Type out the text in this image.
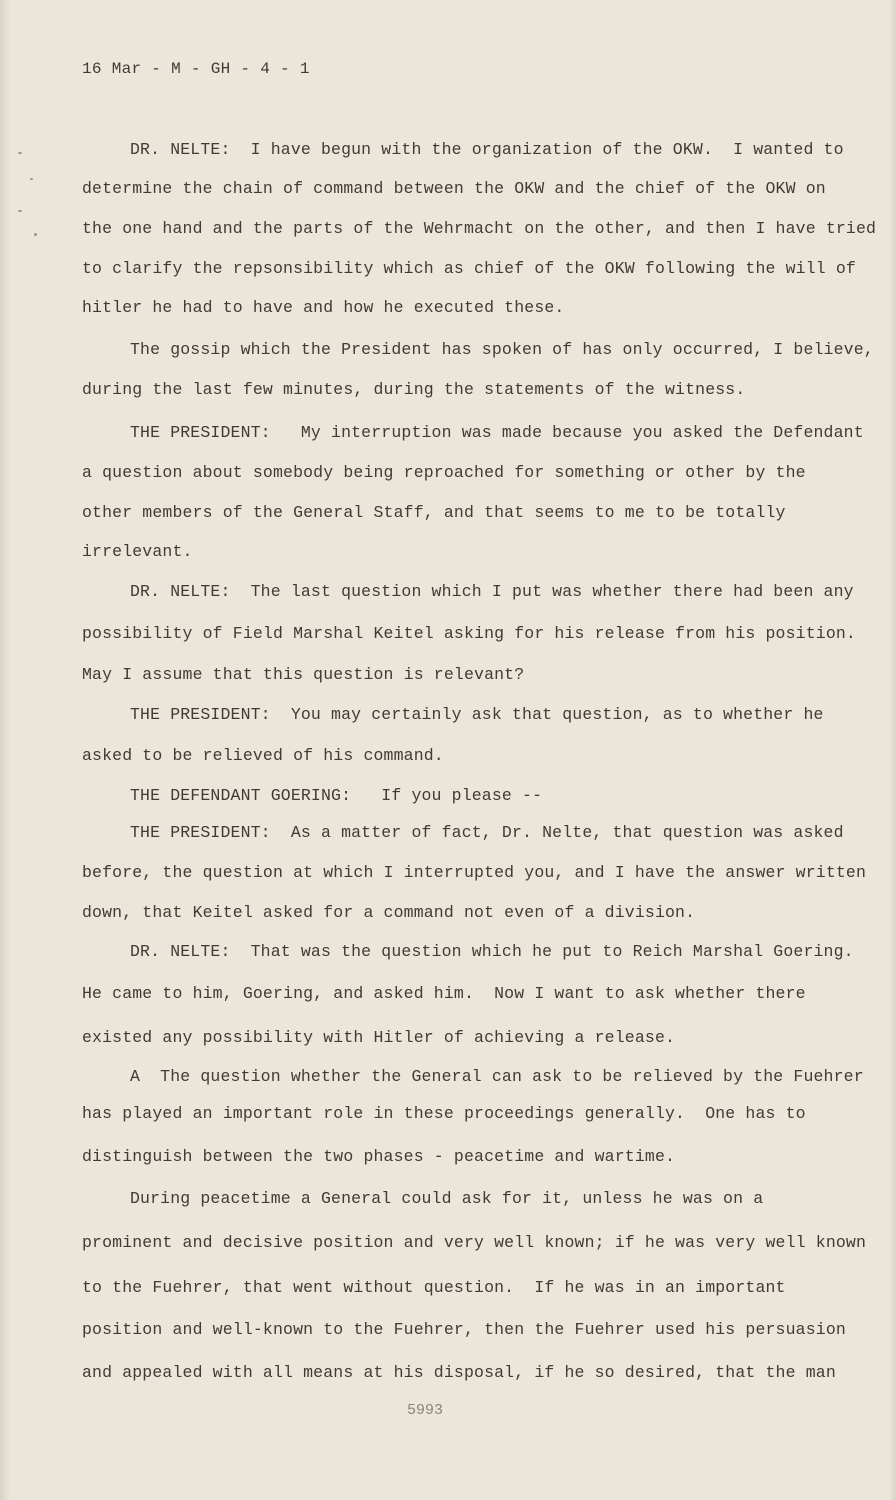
16 Mar - M - GH - 4 - 1
DR. NELTE:  I have begun with the organization of the OKW.  I wanted to
determine the chain of command between the OKW and the chief of the OKW on
the one hand and the parts of the Wehrmacht on the other, and then I have tried
to clarify the repsonsibility which as chief of the OKW following the will of
hitler he had to have and how he executed these.
The gossip which the President has spoken of has only occurred, I believe,
during the last few minutes, during the statements of the witness.
THE PRESIDENT:   My interruption was made because you asked the Defendant
a question about somebody being reproached for something or other by the
other members of the General Staff, and that seems to me to be totally
irrelevant.
DR. NELTE:  The last question which I put was whether there had been any
possibility of Field Marshal Keitel asking for his release from his position.
May I assume that this question is relevant?
THE PRESIDENT:  You may certainly ask that question, as to whether he
asked to be relieved of his command.
THE DEFENDANT GOERING:   If you please --
THE PRESIDENT:  As a matter of fact, Dr. Nelte, that question was asked
before, the question at which I interrupted you, and I have the answer written
down, that Keitel asked for a command not even of a division.
DR. NELTE:  That was the question which he put to Reich Marshal Goering.
He came to him, Goering, and asked him.  Now I want to ask whether there
existed any possibility with Hitler of achieving a release.
A  The question whether the General can ask to be relieved by the Fuehrer
has played an important role in these proceedings generally.  One has to
distinguish between the two phases - peacetime and wartime.
During peacetime a General could ask for it, unless he was on a
prominent and decisive position and very well known; if he was very well known
to the Fuehrer, that went without question.  If he was in an important
position and well-known to the Fuehrer, then the Fuehrer used his persuasion
and appealed with all means at his disposal, if he so desired, that the man
5993
